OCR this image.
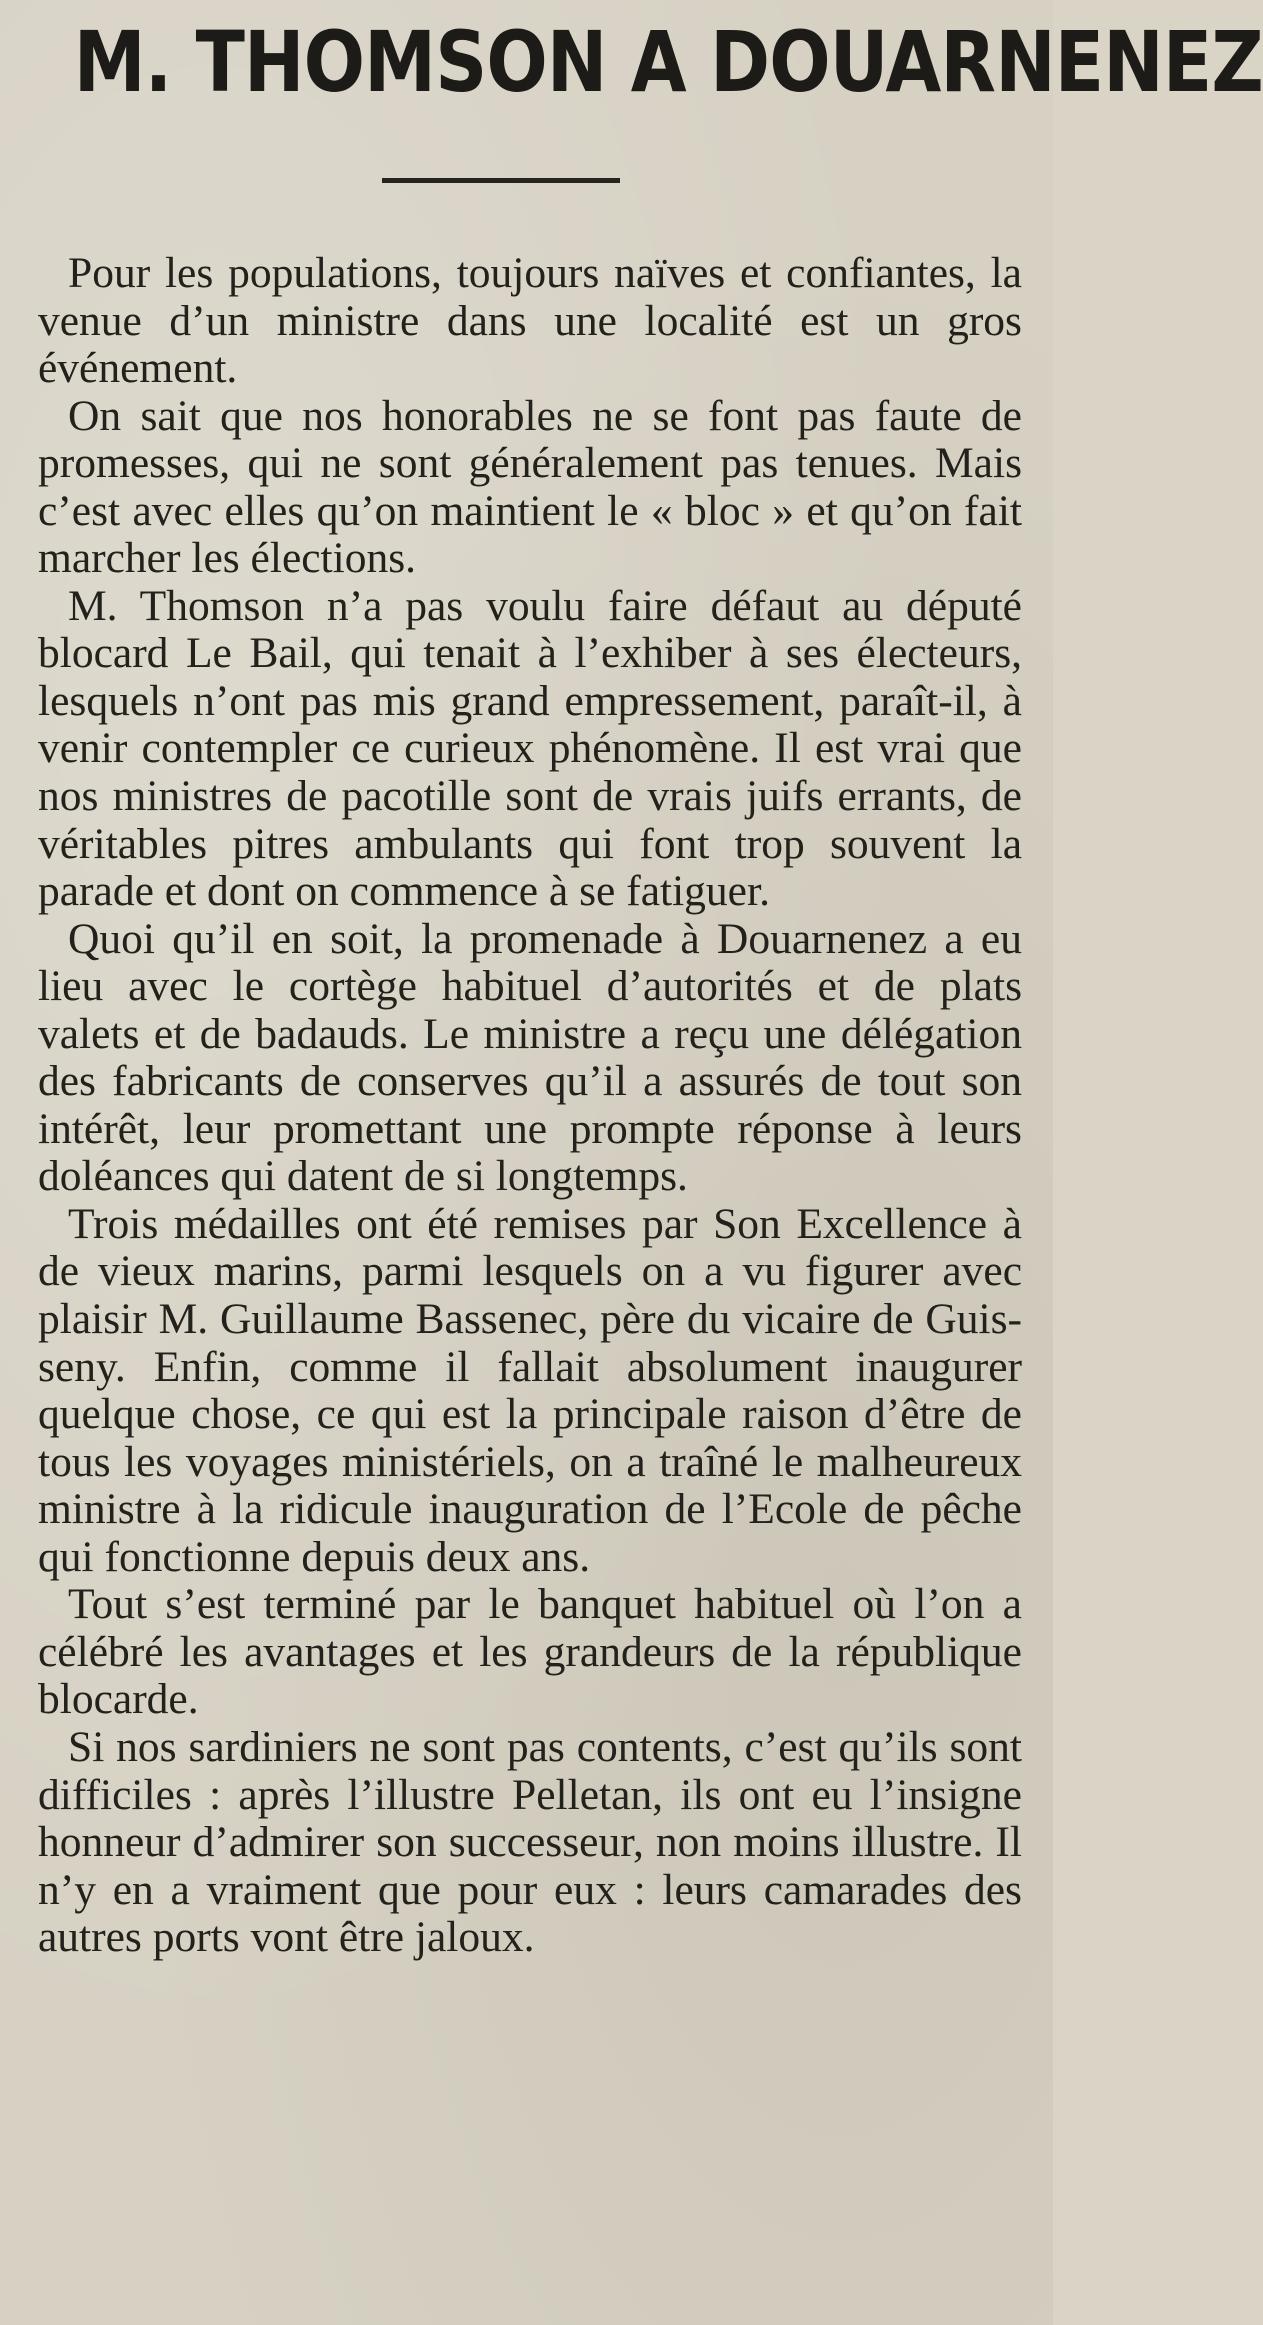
M. THOMSON A DOUARNENEZ

Pour les populations, toujours naïves et confiantes, la venue d’un ministre dans une localité est un gros événement.

On sait que nos honorables ne se font pas faute de promesses, qui ne sont généralement pas tenues. Mais c’est avec elles qu’on maintient le « bloc » et qu’on fait marcher les élections.

M. Thomson n’a pas voulu faire défaut au député blocard Le Bail, qui tenait à l’exhiber à ses électeurs, lesquels n’ont pas mis grand empressement, paraît-il, à venir contempler ce curieux phénomène. Il est vrai que nos ministres de pacotille sont de vrais juifs errants, de véritables pitres ambulants qui font trop souvent la parade et dont on commence à se fatiguer.

Quoi qu’il en soit, la promenade à Douarnenez a eu lieu avec le cortège habituel d’autorités et de plats valets et de badauds. Le ministre a reçu une délégation des fabricants de conserves qu’il a assurés de tout son intérêt, leur promettant une prompte réponse à leurs doléances qui datent de si longtemps.

Trois médailles ont été remises par Son Excellence à de vieux marins, parmi lesquels on a vu figurer avec plaisir M. Guillaume Bassenec, père du vicaire de Guisseny. Enfin, comme il fallait absolument inaugurer quelque chose, ce qui est la principale raison d’être de tous les voyages ministériels, on a traîné le malheureux ministre à la ridicule inauguration de l’Ecole de pêche qui fonctionne depuis deux ans.

Tout s’est terminé par le banquet habituel où l’on a célébré les avantages et les grandeurs de la république blocarde.

Si nos sardiniers ne sont pas contents, c’est qu’ils sont difficiles : après l’illustre Pelletan, ils ont eu l’insigne honneur d’admirer son successeur, non moins illustre. Il n’y en a vraiment que pour eux : leurs camarades des autres ports vont être jaloux.
